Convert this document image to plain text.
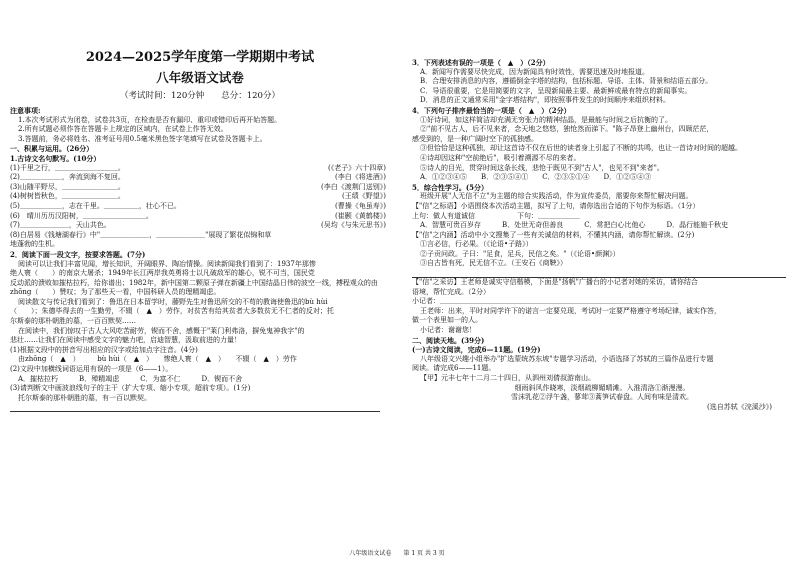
2024—2025学年度第一学期期中考试
八年级语文试卷
（考试时间：120分钟　　总分：120分）
注意事项:
1.本次考试形式为闭卷，试卷共3页，在检查是否有漏印、重印或错印后再开始答题。
2.所有试题必须作答在答题卡上规定的区域内，在试卷上作答无效。
3.答题前，务必将姓名、准考证号用0.5毫米黑色签字笔填写在试卷及答题卡上。
一、积累与运用。（26分）
1.古诗文名句默写。(10分）
(1)千里之行，＿＿＿＿＿＿＿＿＿。	(《老子》六十四章)
(2)＿＿＿＿＿＿，奔流到海不复回。	(李白《将进酒》)
(3)山随平野尽，＿＿＿＿＿＿＿＿。	(李白《渡荆门送别》)
(4)树树皆秋色，＿＿＿＿＿＿＿＿。	(王绩《野望》)
(5)＿＿＿＿＿＿，志在千里。＿＿＿＿＿，壮心不已。	(曹操《龟虽寿》)
(6)　晴川历历汉阳树，＿＿＿＿＿＿＿＿＿。	(崔颢《黄鹤楼》)
(7)＿＿＿＿＿＿＿，天山共色。	(吴均《与朱元思书》)
(8)白居易《钱塘湖春行》中"＿＿＿＿＿＿＿，＿＿＿＿＿＿＿"展现了繁花似锦和草
地蓬勃的生机。
2．阅读下面一段文字，按要求答题。(7分)
阅读可以让我们丰富见闻，增长知识，开阔眼界、陶冶情操。阅读新闻我们看到了：1937年那惨
绝人寰（　　）的南京大屠杀；1949年长江两岸我英勇将士以凡破敌军的雄心，锐不可当，国民党
反动派的溃败如摧枯拉朽，给你谱出；1982年，新中国第二颗原子弹在新疆上中国结晶日伟的波空一线，搏程观众的由
zhōng（　　）赞叹；为了那些天一看，中国科研人员的理精竭虑。
阅读散文与传记我们看到了：鲁迅在日本留学时，藤野先生对鲁迅所交的不苟的教诲使鲁迅的bù hùi
（　　）；朱德毕得去的一生勤劳，不辍（　▲　）劳作，对贫苦有给其贫者大多数贫无不仁者的反对；托
尔斯泰的那朴朝胜的墓，一百百默契……
在阅读中，我们惊叹于古人大风吃苦耐劳，锲而不舍，感慨于"莱门利弗洛，摒免鬼神我字"的
悲壮……让我们在阅读中感受文字的魅力吧，启迪智慧，汲取前进的力量！
(1)根据文段中的拼音写出相应的汉字或给加点字注音。(4分)
由zhōng（　▲　）　　　bù hùi（　▲　）　　惨绝人寰（　▲　）　　不辍（　▲　）劳作
(2)文段中加横线词语运用有误的一项是（6——1）。
A．摧枯拉朽　　　B．殚精竭虑　　　C．为富不仁　　　D．锲而不舍
(3)请判断文中画波浪线句子的主干（扩大专项、缩小专项，超前专项）。(1分)
托尔斯泰的那朴朝胜的墓，有一百以默契。
3．下列表述有误的一项是（　▲　）（2分）
A．新闻写作需要尽快完成，因为新闻具有时效性，需要迅速及时地报道。
B．合理安排消息的内容，遵循倒金字塔的结构，包括标题、导语、主体、背景和结语五部分。
C．导语很重要，它是用简要的文字，呈现新闻最主要、最新鲜或最有特点的新闻事实。
D．消息的正文通常采用"金字塔结构"，即按照事件发生的时间顺序来组织材料。
4．下列句子排序最恰当的一项是（　▲　）（2分）
①好诗词，如这样简洁却充满无穷张力的精神结晶，是最能与时间之后抗衡的了。
②"前不见古人，后不见来者，念天地之悠悠，独怆然而涕下。"陈子昂登上幽州台，四顾茫茫，
感受到的，是一种广阔时空下的孤独感。
③但恰恰是这种孤独，却让这首诗不仅在后世的读者身上引起了不断的共鸣，也让一首诗对时间的超越。
④诗却因这种"空前绝后"，吸引着溯源不尽的来者。
⑤诗人的目光，贯穿时间这条长线，悲怆于既见不到"古人"，也见不到"来者"。
A．①②③④⑤　　B．②③⑤④①　　C．②③⑤①④　　D．①②⑤④③
5．综合性学习。(5分）
班级开展"人无信不立"为主题的综合实践活动，作为宣传委员，需要你来帮忙解决问题。
【"信"之标语】小语围绕本次活动主题，拟写了上句，请你选出合适的下句作为标语。（1分）
上句：做人有道诚信　　　　　　下句：＿＿＿＿＿＿
A．智慧可贵百岁存　　　B．处世无奇但善良　　　C．常把白心比他心　　　D．晶行能施千秋史
【"信"之内涵】活动中小文搜集了一些有关诚信的材料，不懂其内涵，请你帮忙解读。(2分)
①言必信，行必果。（《论语•子路》）
②子贡问政。子曰："足食，足兵，民信之矣。"（《论语•颜渊》）
③自古皆有死，民无信不立。（王安石《商鞅》）
【"信"之采访】王老师是诚实守信楷模，下面是"扬帆"广播台的小记者对她的采访，请你结合
语境，帮忙完成。（2分）
小记者：＿＿＿＿＿＿＿＿＿＿＿＿＿＿＿＿＿＿＿＿＿＿＿＿＿＿＿＿＿＿＿＿＿＿
王老师：出来，平时对同学许下的诺言一定要兑现，考试时一定要严格遵守考场纪律，诚实作答，
做一个表里如一的人。
小记者：谢谢您！
二、阅读天地。(39分)
(一)古诗文阅读，完成6—11题。(19分)
八年级语文兴趣小组举办"扩选蒙统苏东坡"专题学习活动，小语选择了苏轼的三篇作品进行专题
阅读。请完成6——11题。
【甲】元丰七年十二月二十四日，从泗州刘倩叔游南山。
细雨斜风作晓寒，淡烟疏柳媚晴滩。入淮清洛①渐漫漫。
雪沫乳花②浮午盏，蓼茸③蒿笋试春盘。人间有味是清欢。
(选自苏轼《浣溪沙》)
八年级语文试卷　　第 1 页 共 3 页
